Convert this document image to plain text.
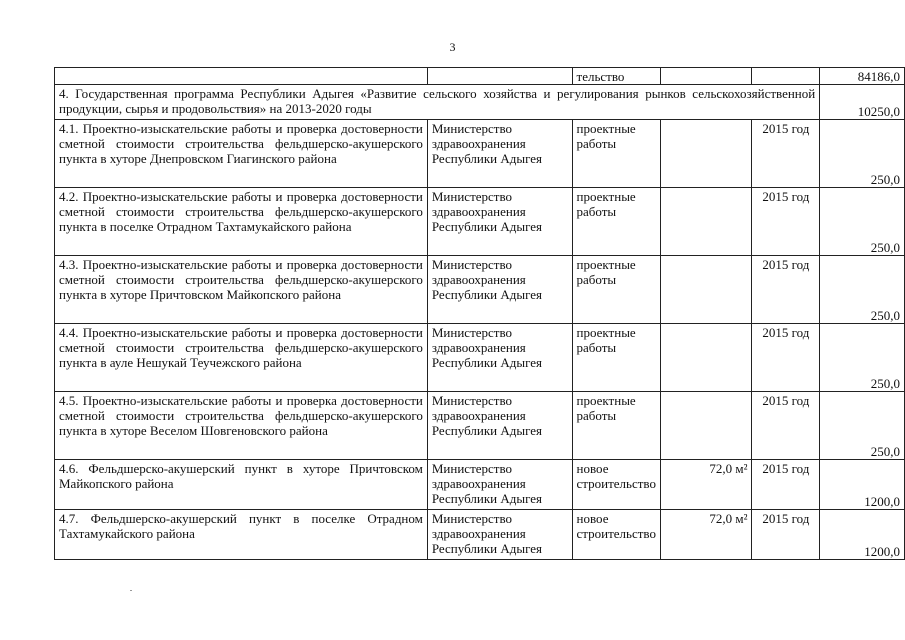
3
		тельство			84186,0
4. Государственная программа Республики Адыгея «Развитие сельского хозяйства и регулирования рынков сельскохозяйственной продукции, сырья и продовольствия» на 2013-2020 годы					10250,0
4.1. Проектно-изыскательские работы и проверка достоверности сметной стоимости строительства фельдшерско-акушерского пункта в хуторе Днепровском Гиагинского района	Министерство здравоохранения Республики Адыгея	проектные работы		2015 год	250,0
4.2. Проектно-изыскательские работы и проверка достоверности сметной стоимости строительства фельдшерско-акушерского пункта в поселке Отрадном Тахтамукайского района	Министерство здравоохранения Республики Адыгея	проектные работы		2015 год	250,0
4.3. Проектно-изыскательские работы и проверка достоверности сметной стоимости строительства фельдшерско-акушерского пункта в хуторе Причтовском Майкопского района	Министерство здравоохранения Республики Адыгея	проектные работы		2015 год	250,0
4.4. Проектно-изыскательские работы и проверка достоверности сметной стоимости строительства фельдшерско-акушерского пункта в ауле Нешукай Теучежского района	Министерство здравоохранения Республики Адыгея	проектные работы		2015 год	250,0
4.5. Проектно-изыскательские работы и проверка достоверности сметной стоимости строительства фельдшерско-акушерского пункта в хуторе Веселом Шовгеновского района	Министерство здравоохранения Республики Адыгея	проектные работы		2015 год	250,0
4.6. Фельдшерско-акушерский пункт в хуторе Причтовском Майкопского района	Министерство здравоохранения Республики Адыгея	новое строительство	72,0 м²	2015 год	1200,0
4.7. Фельдшерско-акушерский пункт в поселке Отрадном Тахтамукайского района	Министерство здравоохранения Республики Адыгея	новое строительство	72,0 м²	2015 год	1200,0
